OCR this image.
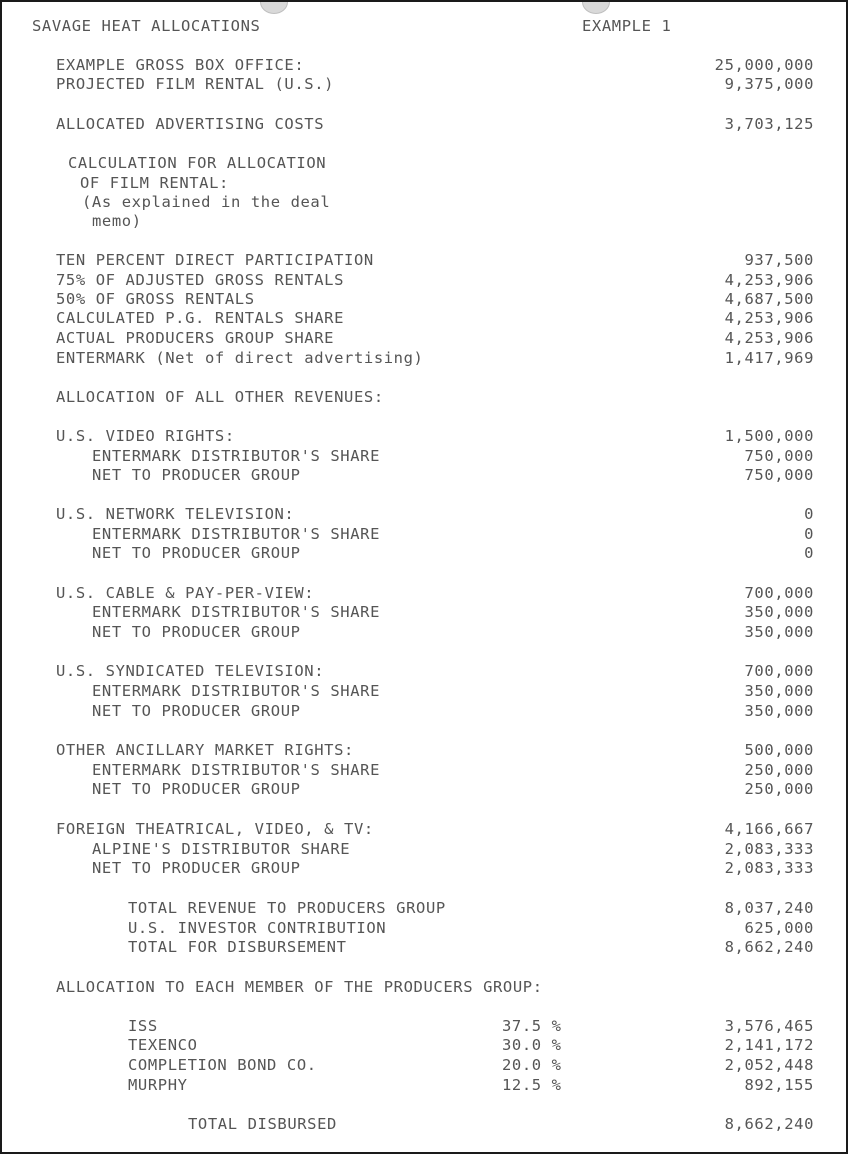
SAVAGE HEAT ALLOCATIONS	EXAMPLE 1
EXAMPLE GROSS BOX OFFICE:	25,000,000
PROJECTED FILM RENTAL (U.S.)	9,375,000
ALLOCATED ADVERTISING COSTS	3,703,125
CALCULATION FOR ALLOCATION
OF FILM RENTAL:
(As explained in the deal
memo)
TEN PERCENT DIRECT PARTICIPATION	937,500
75% OF ADJUSTED GROSS RENTALS	4,253,906
50% OF GROSS RENTALS	4,687,500
CALCULATED P.G. RENTALS SHARE	4,253,906
ACTUAL PRODUCERS GROUP SHARE	4,253,906
ENTERMARK (Net of direct advertising)	1,417,969
ALLOCATION OF ALL OTHER REVENUES:
U.S. VIDEO RIGHTS:	1,500,000
ENTERMARK DISTRIBUTOR'S SHARE	750,000
NET TO PRODUCER GROUP	750,000
U.S. NETWORK TELEVISION:	0
ENTERMARK DISTRIBUTOR'S SHARE	0
NET TO PRODUCER GROUP	0
U.S. CABLE & PAY-PER-VIEW:	700,000
ENTERMARK DISTRIBUTOR'S SHARE	350,000
NET TO PRODUCER GROUP	350,000
U.S. SYNDICATED TELEVISION:	700,000
ENTERMARK DISTRIBUTOR'S SHARE	350,000
NET TO PRODUCER GROUP	350,000
OTHER ANCILLARY MARKET RIGHTS:	500,000
ENTERMARK DISTRIBUTOR'S SHARE	250,000
NET TO PRODUCER GROUP	250,000
FOREIGN THEATRICAL, VIDEO, & TV:	4,166,667
ALPINE'S DISTRIBUTOR SHARE	2,083,333
NET TO PRODUCER GROUP	2,083,333
TOTAL REVENUE TO PRODUCERS GROUP	8,037,240
U.S. INVESTOR CONTRIBUTION	625,000
TOTAL FOR DISBURSEMENT	8,662,240
ALLOCATION TO EACH MEMBER OF THE PRODUCERS GROUP:
ISS	37.5 %	3,576,465
TEXENCO	30.0 %	2,141,172
COMPLETION BOND CO.	20.0 %	2,052,448
MURPHY	12.5 %	892,155
TOTAL DISBURSED	8,662,240
